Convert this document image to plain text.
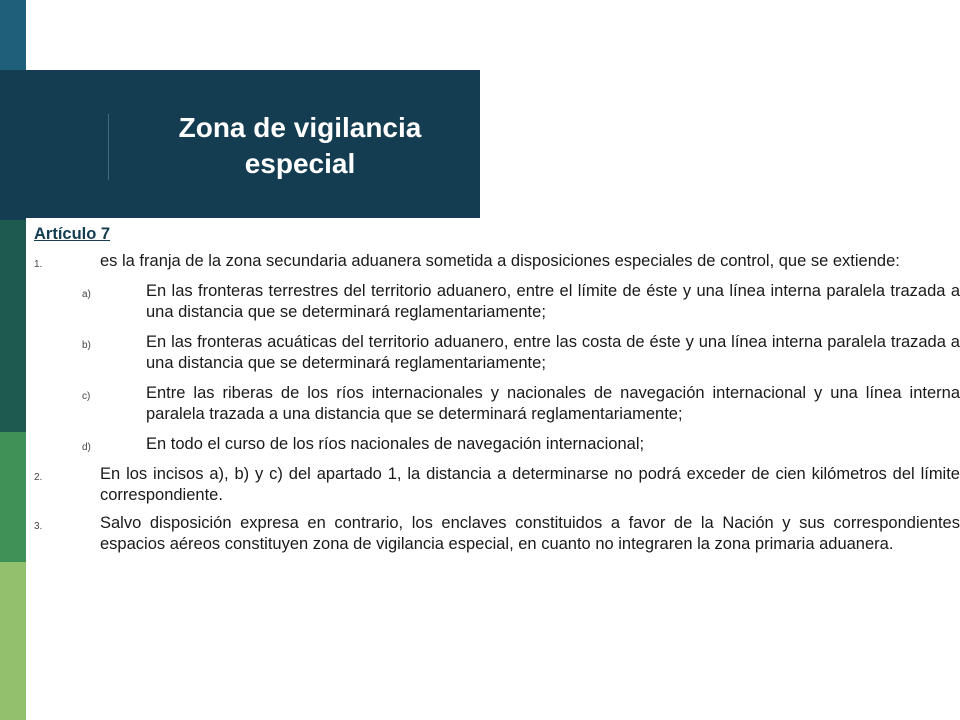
Zona de vigilancia
especial
Artículo 7
1.	es la franja de la zona secundaria aduanera sometida a disposiciones especiales de control, que se extiende:
a)	En las fronteras terrestres del territorio aduanero, entre el límite de éste y una línea interna paralela trazada a una distancia que se determinará reglamentariamente;
b)	En las fronteras acuáticas del territorio aduanero, entre las costa de éste y una línea interna paralela trazada a una distancia que se determinará reglamentariamente;
c)	Entre las riberas de los ríos internacionales y nacionales de navegación internacional y una línea interna paralela trazada a una distancia que se determinará reglamentariamente;
d)	En todo el curso de los ríos nacionales de navegación internacional;
2.	En los incisos a), b) y c) del apartado 1, la distancia a determinarse no podrá exceder de cien kilómetros del límite correspondiente.
3.	Salvo disposición expresa en contrario, los enclaves constituidos a favor de la Nación y sus correspondientes espacios aéreos constituyen zona de vigilancia especial, en cuanto no integraren la zona primaria aduanera.
